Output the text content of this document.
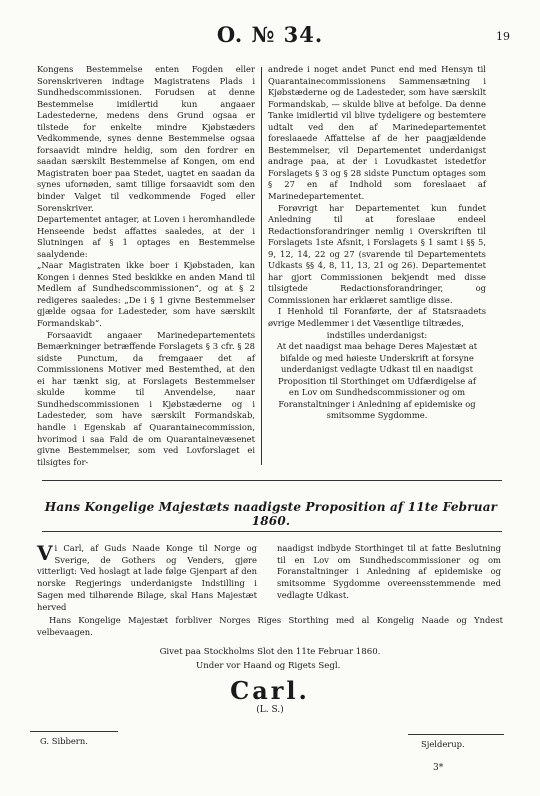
O. № 34.	19

Kongens Bestemmelse enten Fogden eller Sorenskriveren indtage Magistratens Plads i Sundhedscommissionen. Forudsen at denne Bestemmelse imidlertid kun angaaer Ladestederne, medens dens Grund ogsaa er tilstede for enkelte mindre Kjøbstæders Vedkommende, synes denne Bestemmelse ogsaa forsaavidt mindre heldig, som den fordrer en saadan særskilt Bestemmelse af Kongen, om end Magistraten boer paa Stedet, uagtet en saadan da synes ufornøden, samt tillige forsaavidt som den binder Valget til vedkommende Foged eller Sorenskriver.

Departementet antager, at Loven i heromhandlede Henseende bedst affattes saaledes, at der i Slutningen af § 1 optages en Bestemmelse saalydende:

„Naar Magistraten ikke boer i Kjøbstaden, kan Kongen i dennes Sted beskikke en anden Mand til Medlem af Sundhedscommissionen“, og at § 2 redigeres saaledes: „De i § 1 givne Bestemmelser gjælde ogsaa for Ladesteder, som have særskilt Formandskab“.

Forsaavidt angaaer Marinedepartementets Bemærkninger betræffende Forslagets § 3 cfr. § 28 sidste Punctum, da fremgaaer det af Commissionens Motiver med Bestemthed, at den ei har tænkt sig, at Forslagets Bestemmelser skulde komme til Anvendelse, naar Sundhedscommissionen i Kjøbstæderne og i Ladesteder, som have særskilt Formandskab, handle i Egenskab af Quarantainecommission, hvorimod i saa Fald de om Quarantainevæsenet givne Bestemmelser, som ved Lovforslaget ei tilsigtes for-

andrede i noget andet Punct end med Hensyn til Quarantainecommissionens Sammensætning i Kjøbstæderne og de Ladesteder, som have særskilt Formandskab, — skulde blive at befolge. Da denne Tanke imidlertid vil blive tydeligere og bestemtere udtalt ved den af Marinedepartementet foreslaaede Affattelse af de her paagjældende Bestemmelser, vil Departementet underdanigst andrage paa, at der i Lovudkastet istedetfor Forslagets § 3 og § 28 sidste Punctum optages som § 27 en af Indhold som foreslaaet af Marinedepartementet.

Forøvrigt har Departementet kun fundet Anledning til at foreslaae endeel Redactionsforandringer nemlig i Overskriften til Forslagets 1ste Afsnit, i Forslagets § 1 samt i §§ 5, 9, 12, 14, 22 og 27 (svarende til Departementets Udkasts §§ 4, 8, 11, 13, 21 og 26). Departementet har gjort Commissionen bekjendt med disse tilsigtede Redactionsforandringer, og Commissionen har erklæret samtlige disse.

I Henhold til Foranførte, der af Statsraadets øvrige Medlemmer i det Væsentlige tiltrædes,

indstilles underdanigst:

At det naadigst maa behage Deres Majestæt at bifalde og med høieste Underskrift at forsyne underdanigst vedlagte Udkast til en naadigst Proposition til Storthinget om Udfærdigelse af en Lov om Sundhedscommissioner og om Foranstaltninger i Anledning af epidemiske og smitsomme Sygdomme.

Hans Kongelige Majestæts naadigste Proposition af 11te Februar 1860.
V i Carl, af Guds Naade Konge til Norge og Sverige, de Gothers og Venders, gjøre vitterligt: Ved hoslagt at lade følge Gjenpart af den norske Regjerings underdanigste Indstilling i Sagen med tilhørende Bilage, skal Hans Majestæt herved

naadigst indbyde Storthinget til at fatte Beslutning til en Lov om Sundhedscommissioner og om Foranstaltninger i Anledning af epidemiske og smitsomme Sygdomme overeensstemmende med vedlagte Udkast.

Hans Kongelige Majestæt forbliver Norges Riges Storthing med al Kongelig Naade og Yndest velbevaagen.

Givet paa Stockholms Slot den 11te Februar 1860.
Under vor Haand og Rigets Segl.
Carl.
(L. S.)
G. Sibbern.	Sjelderup.
3*
